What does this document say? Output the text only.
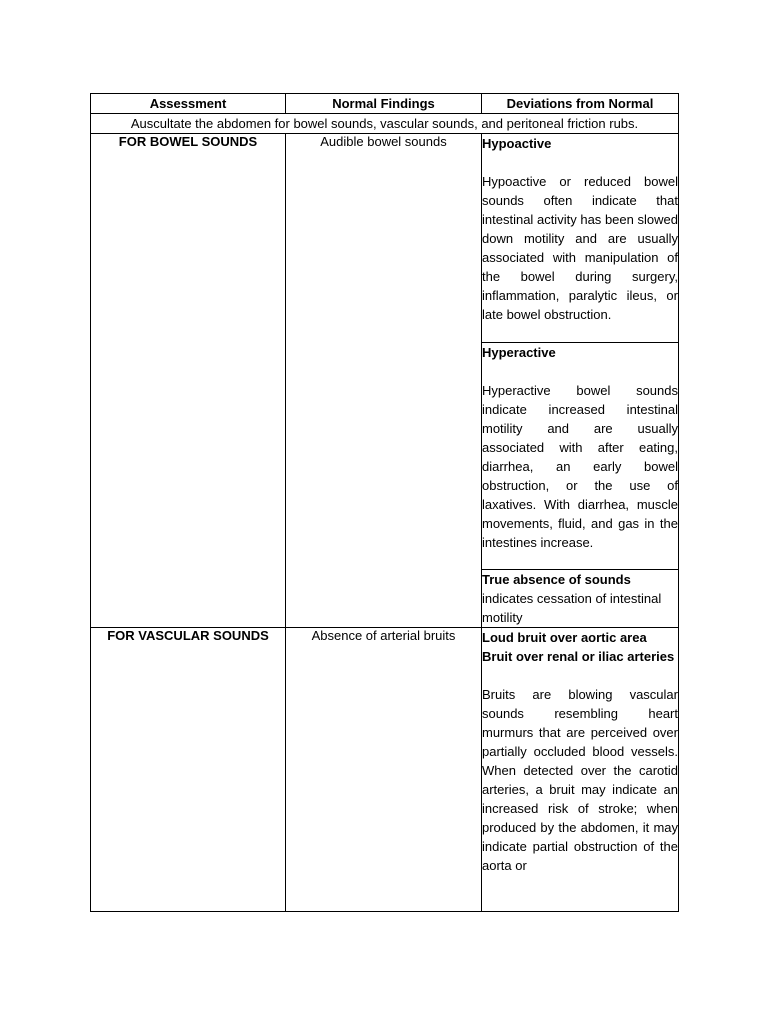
Assessment	Normal Findings	Deviations from Normal
Auscultate the abdomen for bowel sounds, vascular sounds, and peritoneal friction rubs.		
FOR BOWEL SOUNDS	Audible bowel sounds	Hypoactive
Hypoactive or reduced bowel sounds often indicate that intestinal activity has been slowed down motility and are usually associated with manipulation of the bowel during surgery, inflammation, paralytic ileus, or late bowel obstruction.

		Hyperactive
Hyperactive bowel sounds indicate increased intestinal motility and are usually associated with after eating, diarrhea, an early bowel obstruction, or the use of laxatives. With diarrhea, muscle movements, fluid, and gas in the intestines increase.

		True absence of sounds
indicates cessation of intestinal motility

FOR VASCULAR SOUNDS	Absence of arterial bruits	Loud bruit over aortic area
Bruit over renal or iliac arteries
Bruits are blowing vascular sounds resembling heart murmurs that are perceived over partially occluded blood vessels. When detected over the carotid arteries, a bruit may indicate an increased risk of stroke; when produced by the abdomen, it may indicate partial obstruction of the aorta or
